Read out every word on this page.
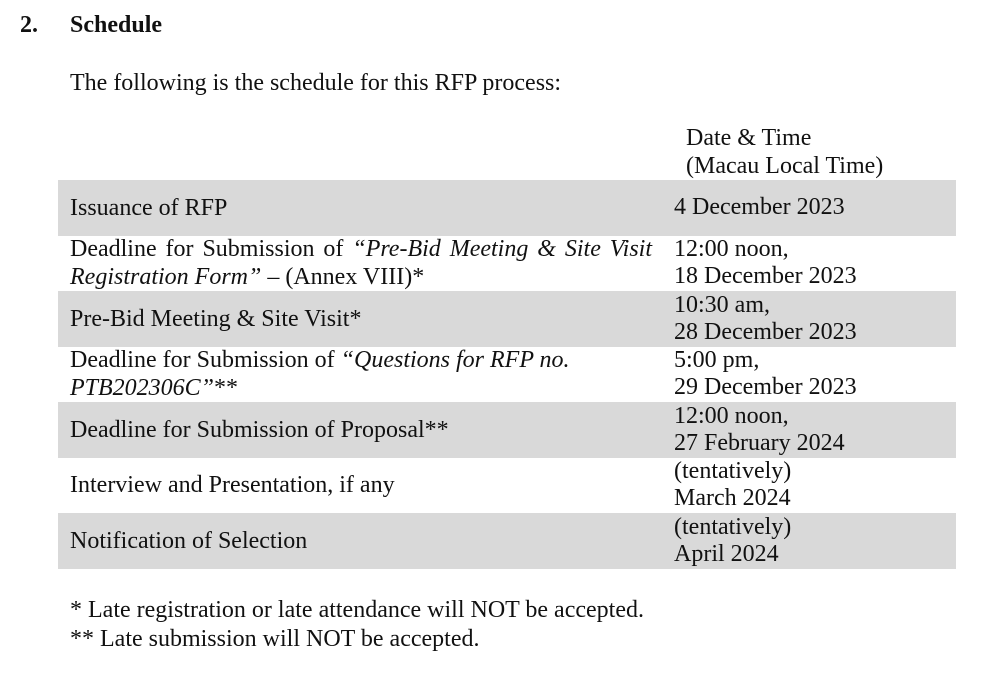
2. Schedule
The following is the schedule for this RFP process:
Date & Time
(Macau Local Time)
Issuance of RFP	4 December 2023
Deadline for Submission of “Pre-Bid Meeting & Site Visit Registration Form” – (Annex VIII)*
12:00 noon,
18 December 2023
Pre-Bid Meeting & Site Visit*
10:30 am,
28 December 2023
Deadline for Submission of “Questions for RFP no. PTB202306C”**
5:00 pm,
29 December 2023
Deadline for Submission of Proposal**
12:00 noon,
27 February 2024
Interview and Presentation, if any
(tentatively)
March 2024
Notification of Selection
(tentatively)
April 2024
* Late registration or late attendance will NOT be accepted.
** Late submission will NOT be accepted.
